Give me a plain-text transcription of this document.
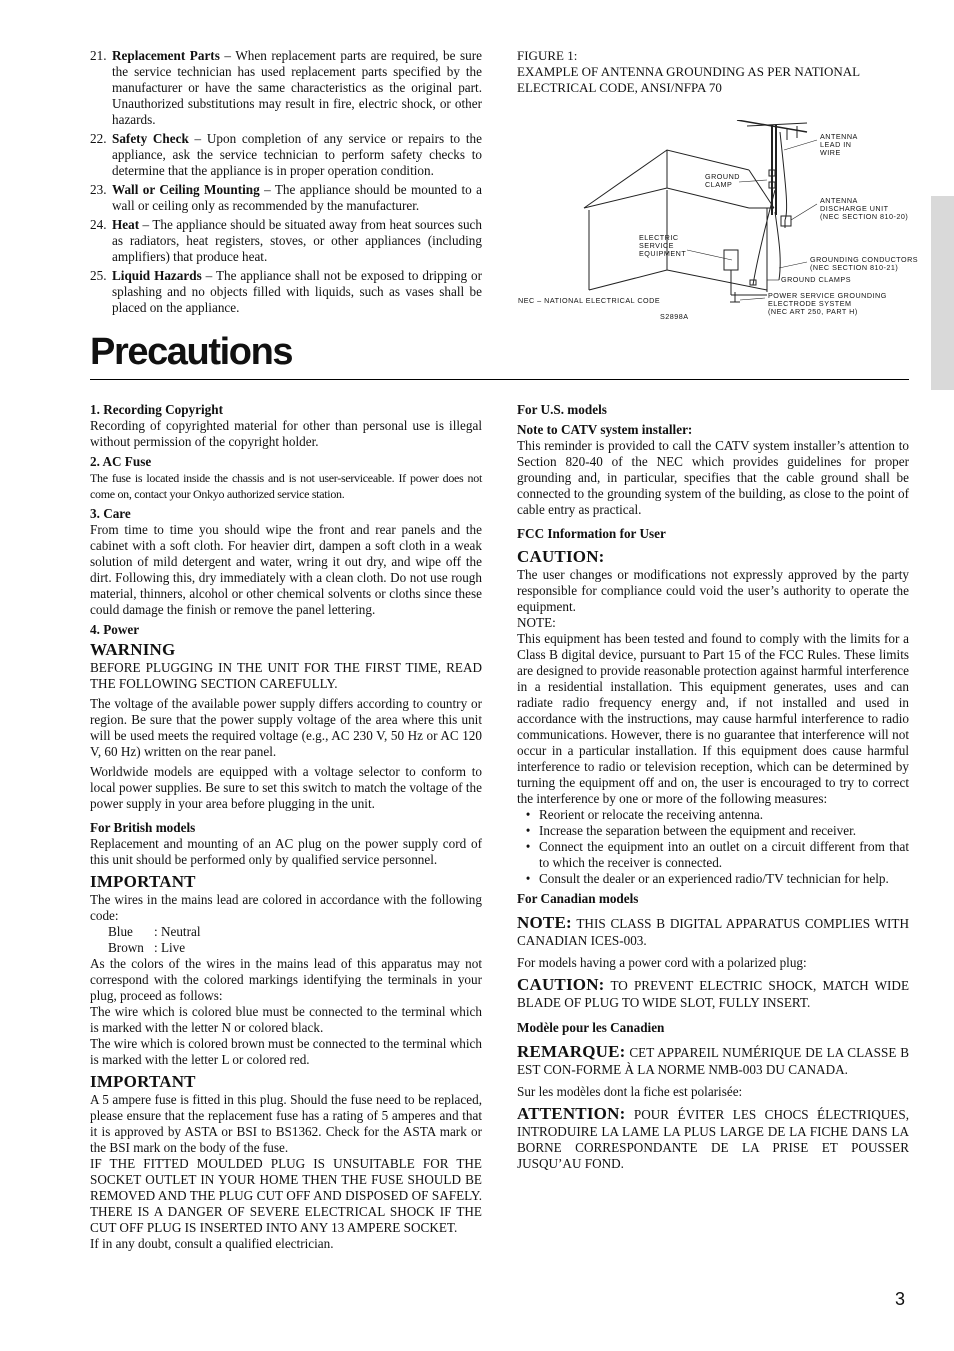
21. Replacement Parts – When replacement parts are required, be sure the service technician has used replacement parts specified by the manufacturer or have the same characteristics as the original part. Unauthorized substitutions may result in fire, electric shock, or other hazards.
22. Safety Check – Upon completion of any service or repairs to the appliance, ask the service technician to perform safety checks to determine that the appliance is in proper operation condition.
23. Wall or Ceiling Mounting – The appliance should be mounted to a wall or ceiling only as recommended by the manufacturer.
24. Heat – The appliance should be situated away from heat sources such as radiators, heat registers, stoves, or other appliances (including amplifiers) that produce heat.
25. Liquid Hazards – The appliance shall not be exposed to dripping or splashing and no objects filled with liquids, such as vases shall be placed on the appliance.
FIGURE 1:
EXAMPLE OF ANTENNA GROUNDING AS PER NATIONAL
ELECTRICAL CODE, ANSI/NFPA 70
ANTENNA
LEAD IN
WIRE
GROUND
CLAMP
ANTENNA
DISCHARGE UNIT
(NEC SECTION 810-20)
ELECTRIC
SERVICE
EQUIPMENT
GROUNDING CONDUCTORS
(NEC SECTION 810-21)
GROUND CLAMPS
POWER SERVICE GROUNDING
ELECTRODE SYSTEM
(NEC ART 250, PART H)
NEC – NATIONAL ELECTRICAL CODE
S2898A
Precautions

1. Recording Copyright

Recording of copyrighted material for other than personal use is illegal without permission of the copyright holder.

2. AC Fuse

The fuse is located inside the chassis and is not user-serviceable. If power does not come on, contact your Onkyo authorized service station.

3. Care

From time to time you should wipe the front and rear panels and the cabinet with a soft cloth. For heavier dirt, dampen a soft cloth in a weak solution of mild detergent and water, wring it out dry, and wipe off the dirt. Following this, dry immediately with a clean cloth. Do not use rough material, thinners, alcohol or other chemical solvents or cloths since these could damage the finish or remove the panel lettering.

4. Power

WARNING

BEFORE PLUGGING IN THE UNIT FOR THE FIRST TIME, READ THE FOLLOWING SECTION CAREFULLY.

The voltage of the available power supply differs according to country or region. Be sure that the power supply voltage of the area where this unit will be used meets the required voltage (e.g., AC 230 V, 50 Hz or AC 120 V, 60 Hz) written on the rear panel.

Worldwide models are equipped with a voltage selector to conform to local power supplies. Be sure to set this switch to match the voltage of the power supply in your area before plugging in the unit.

For British models

Replacement and mounting of an AC plug on the power supply cord of this unit should be performed only by qualified service personnel.

IMPORTANT

The wires in the mains lead are colored in accordance with the following code:

Blue	: Neutral
Brown : Live

As the colors of the wires in the mains lead of this apparatus may not correspond with the colored markings identifying the terminals in your plug, proceed as follows:

The wire which is colored blue must be connected to the terminal which is marked with the letter N or colored black.

The wire which is colored brown must be connected to the terminal which is marked with the letter L or colored red.

IMPORTANT

A 5 ampere fuse is fitted in this plug. Should the fuse need to be replaced, please ensure that the replacement fuse has a rating of 5 amperes and that it is approved by ASTA or BSI to BS1362. Check for the ASTA mark or the BSI mark on the body of the fuse.

IF THE FITTED MOULDED PLUG IS UNSUITABLE FOR THE SOCKET OUTLET IN YOUR HOME THEN THE FUSE SHOULD BE REMOVED AND THE PLUG CUT OFF AND DISPOSED OF SAFELY. THERE IS A DANGER OF SEVERE ELECTRICAL SHOCK IF THE CUT OFF PLUG IS INSERTED INTO ANY 13 AMPERE SOCKET.

If in any doubt, consult a qualified electrician.

For U.S. models

Note to CATV system installer:

This reminder is provided to call the CATV system installer’s attention to Section 820-40 of the NEC which provides guidelines for proper grounding and, in particular, specifies that the cable ground shall be connected to the grounding system of the building, as close to the point of cable entry as practical.

FCC Information for User

CAUTION:

The user changes or modifications not expressly approved by the party responsible for compliance could void the user’s authority to operate the equipment.

NOTE:

This equipment has been tested and found to comply with the limits for a Class B digital device, pursuant to Part 15 of the FCC Rules. These limits are designed to provide reasonable protection against harmful interference in a residential installation. This equipment generates, uses and can radiate radio frequency energy and, if not installed and used in accordance with the instructions, may cause harmful interference to radio communications. However, there is no guarantee that interference will not occur in a particular installation. If this equipment does cause harmful interference to radio or television reception, which can be determined by turning the equipment off and on, the user is encouraged to try to correct the interference by one or more of the following measures:

• Reorient or relocate the receiving antenna.
• Increase the separation between the equipment and receiver.
• Connect the equipment into an outlet on a circuit different from that to which the receiver is connected.
• Consult the dealer or an experienced radio/TV technician for help.

For Canadian models

NOTE: THIS CLASS B DIGITAL APPARATUS COMPLIES WITH CANADIAN ICES-003.

For models having a power cord with a polarized plug:

CAUTION: TO PREVENT ELECTRIC SHOCK, MATCH WIDE BLADE OF PLUG TO WIDE SLOT, FULLY INSERT.

Modèle pour les Canadien

REMARQUE: CET APPAREIL NUMÉRIQUE DE LA CLASSE B EST CON-FORME À LA NORME NMB-003 DU CANADA.

Sur les modèles dont la fiche est polarisée:

ATTENTION: POUR ÉVITER LES CHOCS ÉLECTRIQUES, INTRODUIRE LA LAME LA PLUS LARGE DE LA FICHE DANS LA BORNE CORRESPONDANTE DE LA PRISE ET POUSSER JUSQU’AU FOND.

3
